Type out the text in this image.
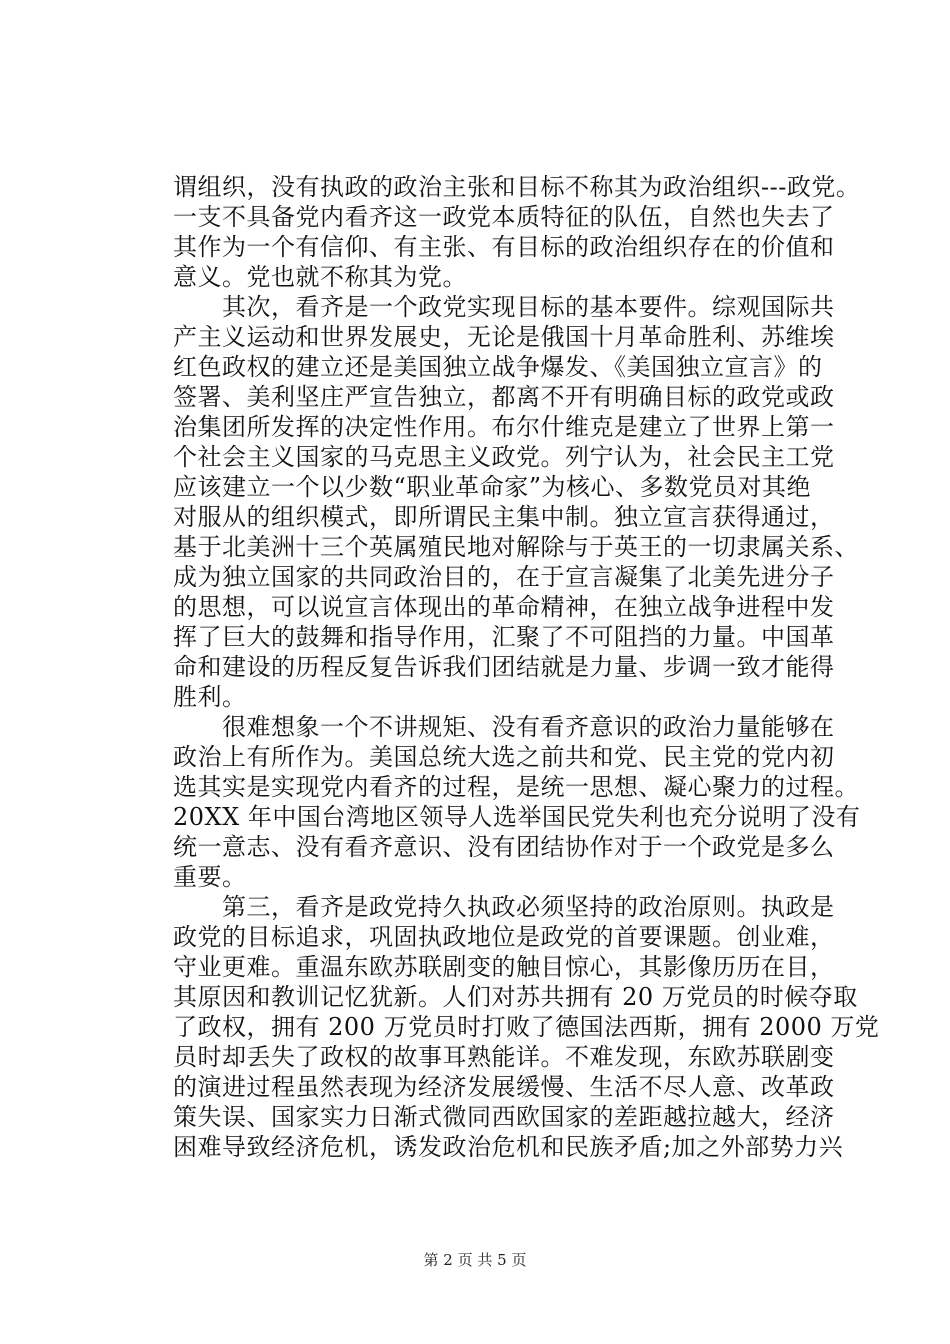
谓组织，没有执政的政治主张和目标不称其为政治组织---政党。
一支不具备党内看齐这一政党本质特征的队伍，自然也失去了
其作为一个有信仰、有主张、有目标的政治组织存在的价值和
意义。党也就不称其为党。
　　其次，看齐是一个政党实现目标的基本要件。综观国际共
产主义运动和世界发展史，无论是俄国十月革命胜利、苏维埃
红色政权的建立还是美国独立战争爆发、《美国独立宣言》的
签署、美利坚庄严宣告独立，都离不开有明确目标的政党或政
治集团所发挥的决定性作用。布尔什维克是建立了世界上第一
个社会主义国家的马克思主义政党。列宁认为，社会民主工党
应该建立一个以少数“职业革命家”为核心、多数党员对其绝
对服从的组织模式，即所谓民主集中制。独立宣言获得通过，
基于北美洲十三个英属殖民地对解除与于英王的一切隶属关系、
成为独立国家的共同政治目的，在于宣言凝集了北美先进分子
的思想，可以说宣言体现出的革命精神，在独立战争进程中发
挥了巨大的鼓舞和指导作用，汇聚了不可阻挡的力量。中国革
命和建设的历程反复告诉我们团结就是力量、步调一致才能得
胜利。
　　很难想象一个不讲规矩、没有看齐意识的政治力量能够在
政治上有所作为。美国总统大选之前共和党、民主党的党内初
选其实是实现党内看齐的过程，是统一思想、凝心聚力的过程。
20XX 年中国台湾地区领导人选举国民党失利也充分说明了没有
统一意志、没有看齐意识、没有团结协作对于一个政党是多么
重要。
　　第三，看齐是政党持久执政必须坚持的政治原则。执政是
政党的目标追求，巩固执政地位是政党的首要课题。创业难，
守业更难。重温东欧苏联剧变的触目惊心，其影像历历在目，
其原因和教训记忆犹新。人们对苏共拥有 20 万党员的时候夺取
了政权，拥有 200 万党员时打败了德国法西斯，拥有 2000 万党
员时却丢失了政权的故事耳熟能详。不难发现，东欧苏联剧变
的演进过程虽然表现为经济发展缓慢、生活不尽人意、改革政
策失误、国家实力日渐式微同西欧国家的差距越拉越大，经济
困难导致经济危机，诱发政治危机和民族矛盾;加之外部势力兴
第 2 页 共 5 页
